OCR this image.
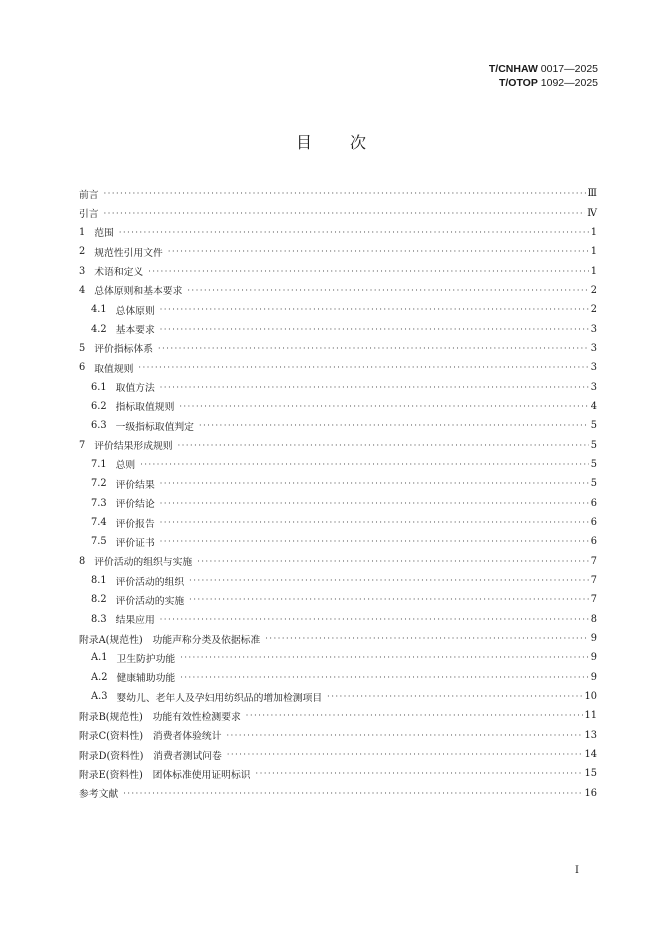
T/CNHAW 0017—2025
T/OTOP 1092—2025
目次
前言 ·····	Ⅲ
引言 ·····	Ⅳ
1 范围 ·····	1
2 规范性引用文件 ·····	1
3 术语和定义 ·····	1
4 总体原则和基本要求 ·····	2
4.1 总体原则 ·····	2
4.2 基本要求 ·····	3
5 评价指标体系 ·····	3
6 取值规则 ·····	3
6.1 取值方法 ·····	3
6.2 指标取值规则 ·····	4
6.3 一级指标取值判定 ·····	5
7 评价结果形成规则 ·····	5
7.1 总则 ·····	5
7.2 评价结果 ·····	5
7.3 评价结论 ·····	6
7.4 评价报告 ·····	6
7.5 评价证书 ·····	6
8 评价活动的组织与实施 ·····	7
8.1 评价活动的组织 ·····	7
8.2 评价活动的实施 ·····	7
8.3 结果应用 ·····	8
附录A(规范性)　功能声称分类及依据标准 ·····	9
A.1 卫生防护功能 ·····	9
A.2 健康辅助功能 ·····	9
A.3 婴幼儿、老年人及孕妇用纺织品的增加检测项目 ·····	10
附录B(规范性)　功能有效性检测要求 ·····	11
附录C(资料性)　消费者体验统计 ·····	13
附录D(资料性)　消费者测试问卷 ·····	14
附录E(资料性)　团体标准使用证明标识 ·····	15
参考文献 ·····	16
I
